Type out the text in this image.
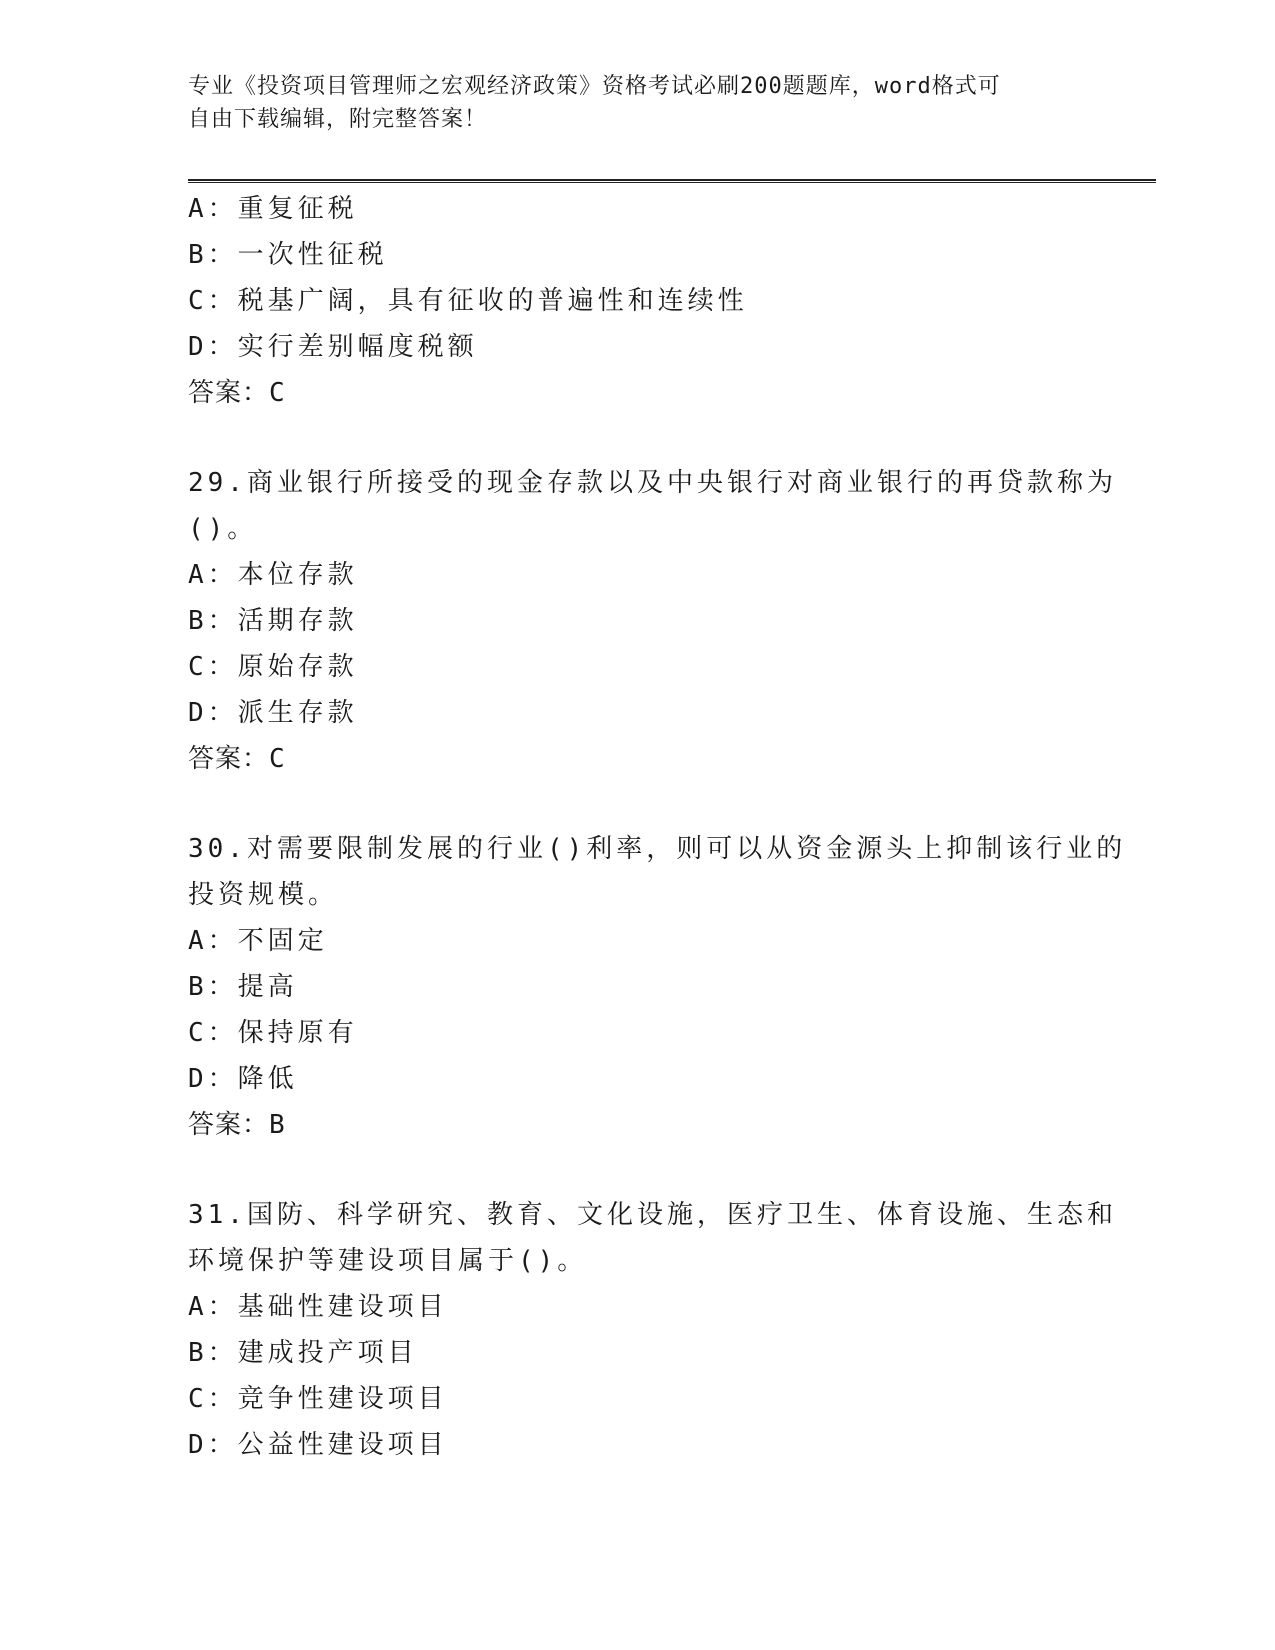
专业《投资项目管理师之宏观经济政策》资格考试必刷200题题库，word格式可
自由下载编辑，附完整答案！
A：重复征税
B：一次性征税
C：税基广阔，具有征收的普遍性和连续性
D：实行差别幅度税额
答案：C
29.商业银行所接受的现金存款以及中央银行对商业银行的再贷款称为
()。
A：本位存款
B：活期存款
C：原始存款
D：派生存款
答案：C
30.对需要限制发展的行业()利率，则可以从资金源头上抑制该行业的
投资规模。
A：不固定
B：提高
C：保持原有
D：降低
答案：B
31.国防、科学研究、教育、文化设施，医疗卫生、体育设施、生态和
环境保护等建设项目属于()。
A：基础性建设项目
B：建成投产项目
C：竞争性建设项目
D：公益性建设项目
